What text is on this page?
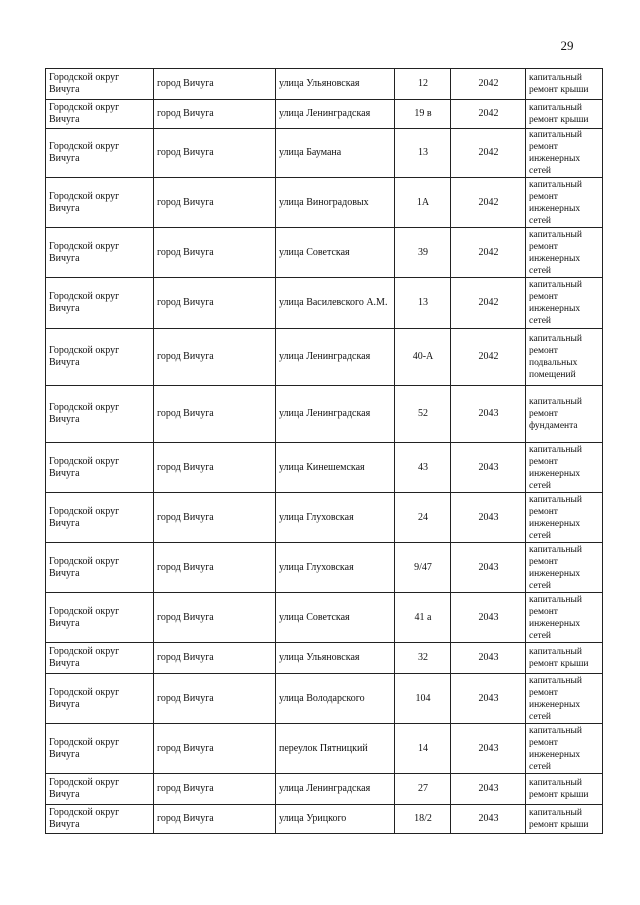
29
Городской округ Вичуга	город Вичуга	улица Ульяновская	12	2042	капитальный ремонт крыши
Городской округ Вичуга	город Вичуга	улица Ленинградская	19 в	2042	капитальный ремонт крыши
Городской округ Вичуга	город Вичуга	улица Баумана	13	2042	капитальный ремонт инженерных сетей
Городской округ Вичуга	город Вичуга	улица Виноградовых	1А	2042	капитальный ремонт инженерных сетей
Городской округ Вичуга	город Вичуга	улица Советская	39	2042	капитальный ремонт инженерных сетей
Городской округ Вичуга	город Вичуга	улица Василевского А.М.	13	2042	капитальный ремонт инженерных сетей
Городской округ Вичуга	город Вичуга	улица Ленинградская	40-А	2042	капитальный ремонт подвальных помещений
Городской округ Вичуга	город Вичуга	улица Ленинградская	52	2043	капитальный ремонт фундамента
Городской округ Вичуга	город Вичуга	улица Кинешемская	43	2043	капитальный ремонт инженерных сетей
Городской округ Вичуга	город Вичуга	улица Глуховская	24	2043	капитальный ремонт инженерных сетей
Городской округ Вичуга	город Вичуга	улица Глуховская	9/47	2043	капитальный ремонт инженерных сетей
Городской округ Вичуга	город Вичуга	улица Советская	41 а	2043	капитальный ремонт инженерных сетей
Городской округ Вичуга	город Вичуга	улица Ульяновская	32	2043	капитальный ремонт крыши
Городской округ Вичуга	город Вичуга	улица Володарского	104	2043	капитальный ремонт инженерных сетей
Городской округ Вичуга	город Вичуга	переулок Пятницкий	14	2043	капитальный ремонт инженерных сетей
Городской округ Вичуга	город Вичуга	улица Ленинградская	27	2043	капитальный ремонт крыши
Городской округ Вичуга	город Вичуга	улица Урицкого	18/2	2043	капитальный ремонт крыши
